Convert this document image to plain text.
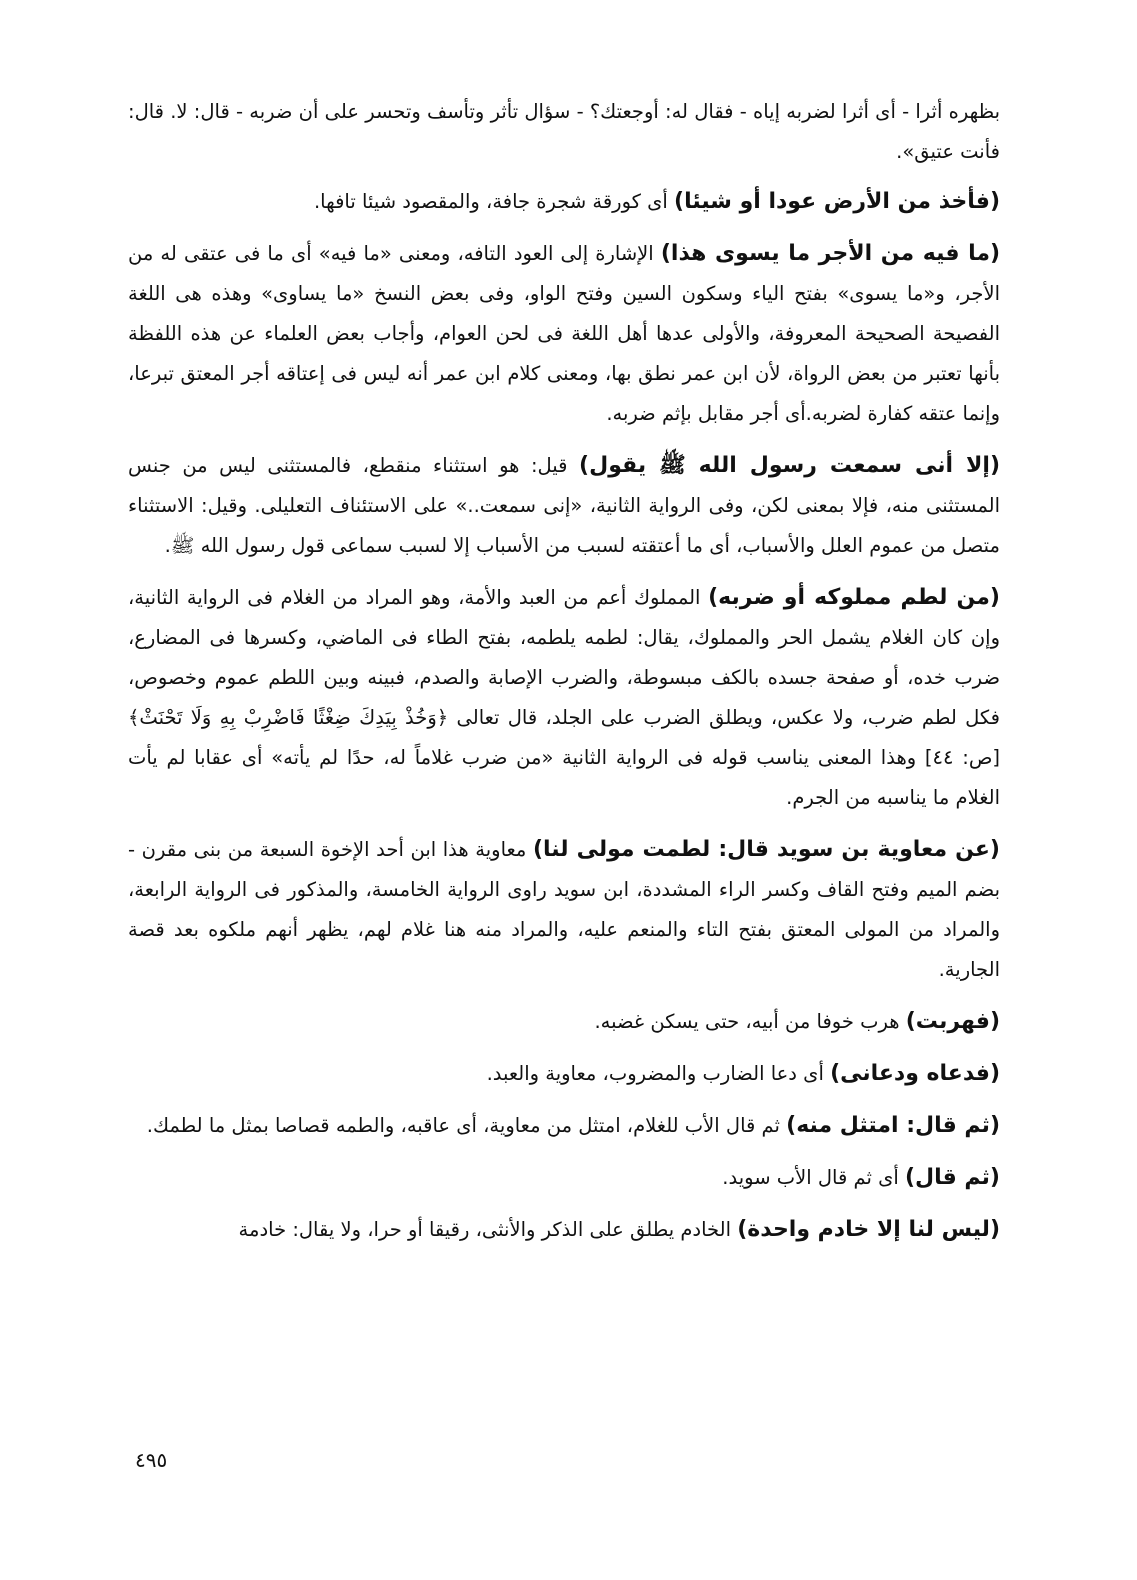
بظهره أثرا - أى أثرا لضربه إياه - فقال له: أوجعتك؟ - سؤال تأثر وتأسف وتحسر على أن ضربه - قال: لا. قال: فأنت عتيق».

(فأخذ من الأرض عودا أو شيئا) أى كورقة شجرة جافة، والمقصود شيئا تافها.

(ما فيه من الأجر ما يسوى هذا) الإشارة إلى العود التافه، ومعنى «ما فيه» أى ما فى عتقى له من الأجر، و«ما يسوى» بفتح الياء وسكون السين وفتح الواو، وفى بعض النسخ «ما يساوى» وهذه هى اللغة الفصيحة الصحيحة المعروفة، والأولى عدها أهل اللغة فى لحن العوام، وأجاب بعض العلماء عن هذه اللفظة بأنها تعتبر من بعض الرواة، لأن ابن عمر نطق بها، ومعنى كلام ابن عمر أنه ليس فى إعتاقه أجر المعتق تبرعا، وإنما عتقه كفارة لضربه.أى أجر مقابل بإثم ضربه.

(إلا أنى سمعت رسول الله ﷺ يقول) قيل: هو استثناء منقطع، فالمستثنى ليس من جنس المستثنى منه، فإلا بمعنى لكن، وفى الرواية الثانية، «إنى سمعت..» على الاستئناف التعليلى. وقيل: الاستثناء متصل من عموم العلل والأسباب، أى ما أعتقته لسبب من الأسباب إلا لسبب سماعى قول رسول الله ﷺ.

(من لطم مملوكه أو ضربه) المملوك أعم من العبد والأمة، وهو المراد من الغلام فى الرواية الثانية، وإن كان الغلام يشمل الحر والمملوك، يقال: لطمه يلطمه، بفتح الطاء فى الماضي، وكسرها فى المضارع، ضرب خده، أو صفحة جسده بالكف مبسوطة، والضرب الإصابة والصدم، فبينه وبين اللطم عموم وخصوص، فكل لطم ضرب، ولا عكس، ويطلق الضرب على الجلد، قال تعالى ﴿وَخُذْ بِيَدِكَ ضِغْثًا فَاضْرِبْ بِهِ وَلَا تَحْنَثْ﴾ [ص: ٤٤] وهذا المعنى يناسب قوله فى الرواية الثانية «من ضرب غلاماً له، حدًا لم يأته» أى عقابا لم يأت الغلام ما يناسبه من الجرم.

(عن معاوية بن سويد قال: لطمت مولى لنا) معاوية هذا ابن أحد الإخوة السبعة من بنى مقرن - بضم الميم وفتح القاف وكسر الراء المشددة، ابن سويد راوى الرواية الخامسة، والمذكور فى الرواية الرابعة، والمراد من المولى المعتق بفتح التاء والمنعم عليه، والمراد منه هنا غلام لهم، يظهر أنهم ملكوه بعد قصة الجارية.

(فهربت) هرب خوفا من أبيه، حتى يسكن غضبه.

(فدعاه ودعانى) أى دعا الضارب والمضروب، معاوية والعبد.

(ثم قال: امتثل منه) ثم قال الأب للغلام، امتثل من معاوية، أى عاقبه، والطمه قصاصا بمثل ما لطمك.

(ثم قال) أى ثم قال الأب سويد.

(ليس لنا إلا خادم واحدة) الخادم يطلق على الذكر والأنثى، رقيقا أو حرا، ولا يقال: خادمة

٤٩٥
